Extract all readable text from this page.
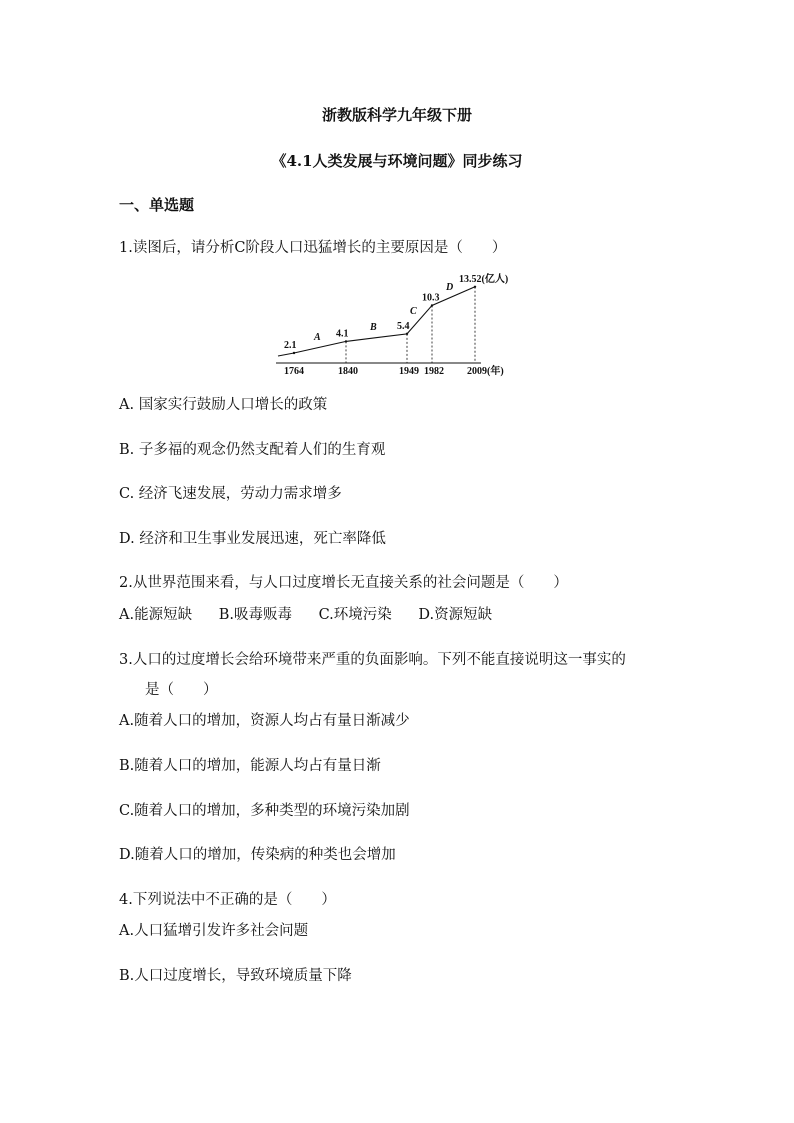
浙教版科学九年级下册
《4.1人类发展与环境问题》同步练习
一、单选题
1.读图后，请分析C阶段人口迅猛增长的主要原因是（　　）
1764
2.1
1840
4.1
1949
5.4
1982
10.3
2009(年)
13.52(亿人)
A
B
C
D
A. 国家实行鼓励人口增长的政策
B. 子多福的观念仍然支配着人们的生育观
C. 经济飞速发展，劳动力需求增多
D. 经济和卫生事业发展迅速，死亡率降低
2.从世界范围来看，与人口过度增长无直接关系的社会问题是（　　）
A.能源短缺 B.吸毒贩毒 C.环境污染 D.资源短缺
3.人口的过度增长会给环境带来严重的负面影响。下列不能直接说明这一事实的
是（　　）
A.随着人口的增加，资源人均占有量日渐减少
B.随着人口的增加，能源人均占有量日渐
C.随着人口的增加，多种类型的环境污染加剧
D.随着人口的增加，传染病的种类也会增加
4.下列说法中不正确的是（　　）
A.人口猛增引发许多社会问题
B.人口过度增长，导致环境质量下降
